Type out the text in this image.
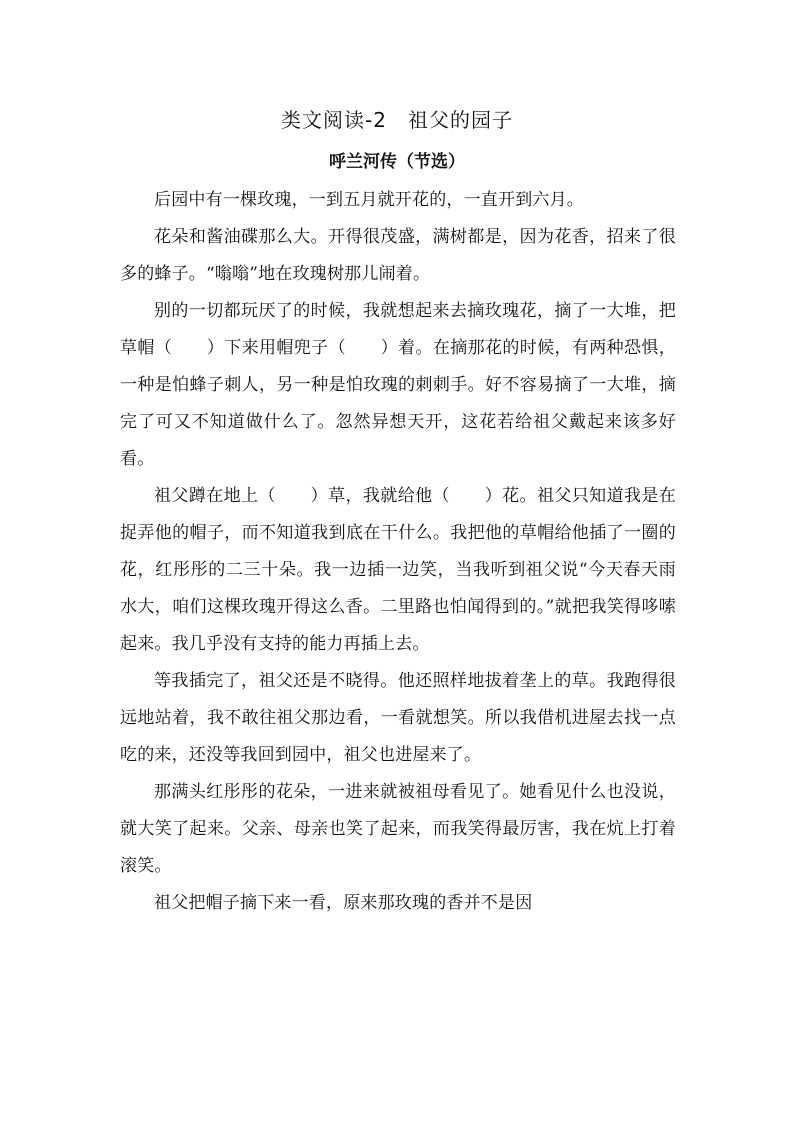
类文阅读-2　祖父的园子
呼兰河传（节选）

后园中有一棵玫瑰，一到五月就开花的，一直开到六月。

花朵和酱油碟那么大。开得很茂盛，满树都是，因为花香，招来了很多的蜂子。“嗡嗡”地在玫瑰树那儿闹着。

别的一切都玩厌了的时候，我就想起来去摘玫瑰花，摘了一大堆，把草帽（　　）下来用帽兜子（　　）着。在摘那花的时候，有两种恐惧，一种是怕蜂子刺人，另一种是怕玫瑰的刺刺手。好不容易摘了一大堆，摘完了可又不知道做什么了。忽然异想天开，这花若给祖父戴起来该多好看。

祖父蹲在地上（　　）草，我就给他（　　）花。祖父只知道我是在捉弄他的帽子，而不知道我到底在干什么。我把他的草帽给他插了一圈的花，红彤彤的二三十朵。我一边插一边笑，当我听到祖父说“今天春天雨水大，咱们这棵玫瑰开得这么香。二里路也怕闻得到的。”就把我笑得哆嗦起来。我几乎没有支持的能力再插上去。

等我插完了，祖父还是不晓得。他还照样地拔着垄上的草。我跑得很远地站着，我不敢往祖父那边看，一看就想笑。所以我借机进屋去找一点吃的来，还没等我回到园中，祖父也进屋来了。

那满头红彤彤的花朵，一进来就被祖母看见了。她看见什么也没说，就大笑了起来。父亲、母亲也笑了起来，而我笑得最厉害，我在炕上打着滚笑。

祖父把帽子摘下来一看，原来那玫瑰的香并不是因
